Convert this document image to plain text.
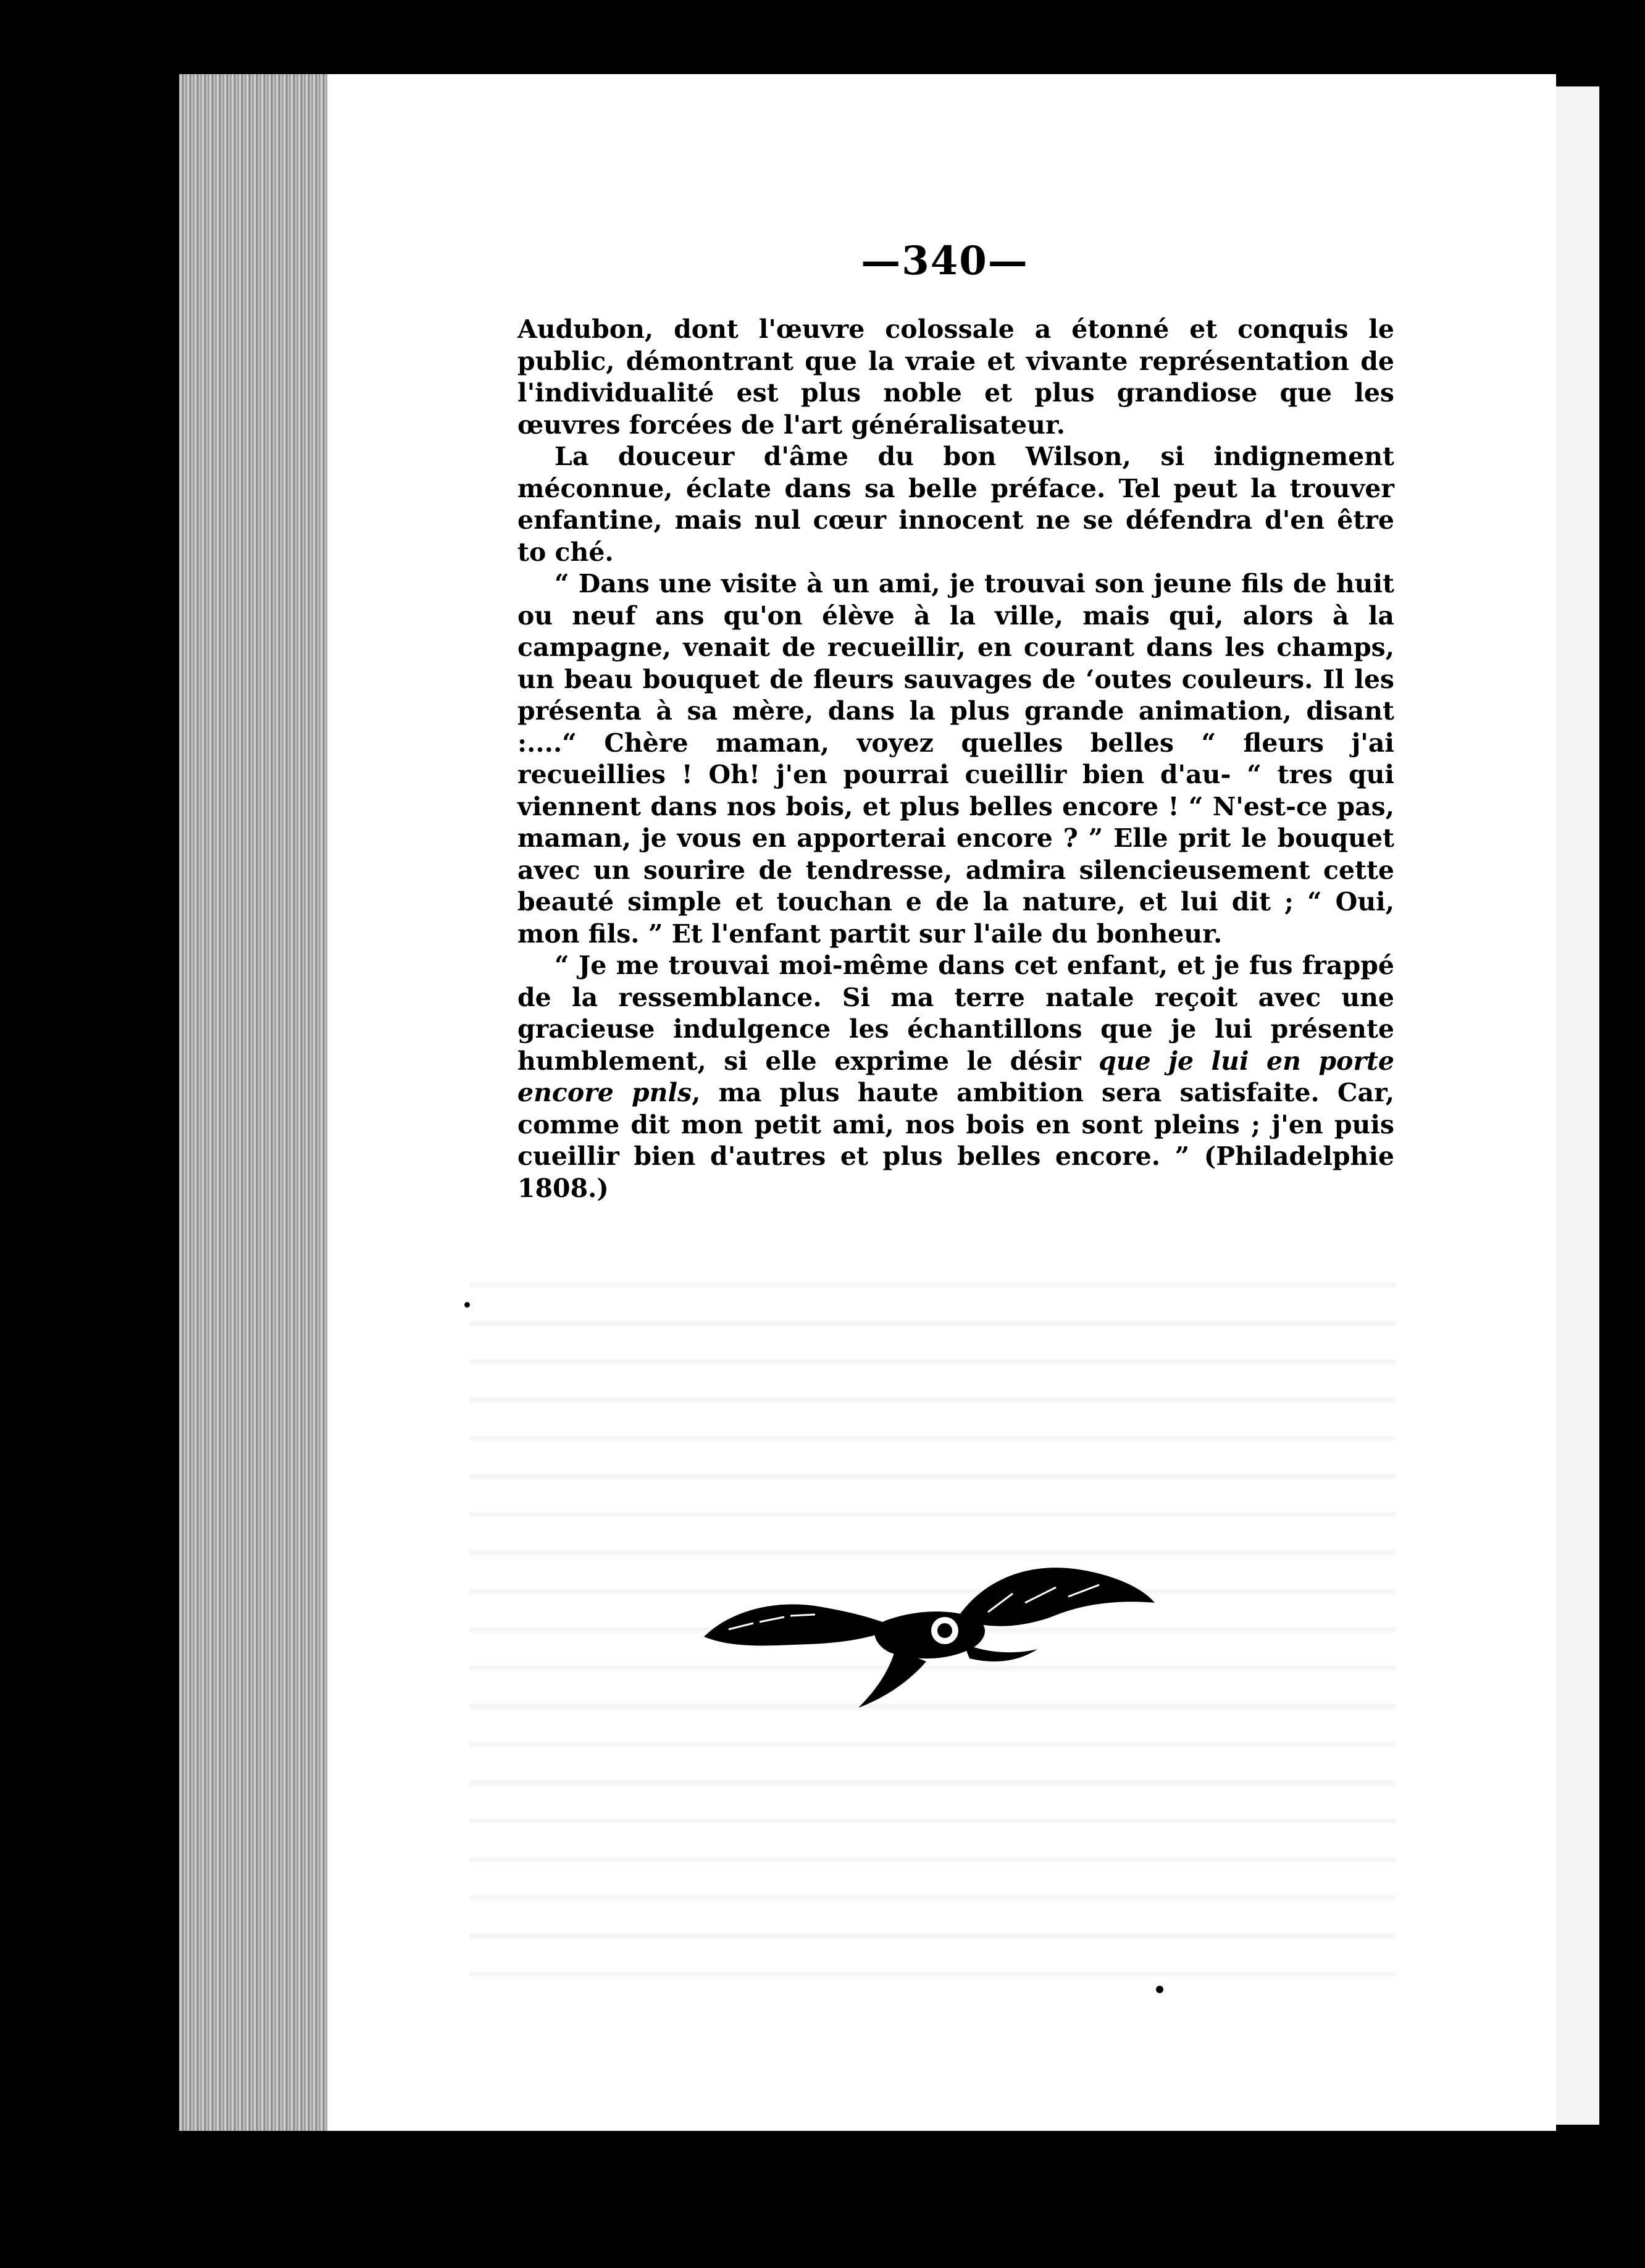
—340—

Audubon, dont l'œuvre colossale a étonné et conquis le public, démontrant que la vraie et vivante représentation de l'individualité est plus noble et plus grandiose que les œuvres forcées de l'art généralisateur.

La douceur d'âme du bon Wilson, si indignement méconnue, éclate dans sa belle préface. Tel peut la trouver enfantine, mais nul cœur innocent ne se défendra d'en être to ché.

“ Dans une visite à un ami, je trouvai son jeune fils de huit ou neuf ans qu'on élève à la ville, mais qui, alors à la campagne, venait de recueillir, en courant dans les champs, un beau bouquet de fleurs sauvages de ‘outes couleurs. Il les présenta à sa mère, dans la plus grande animation, disant :....“ Chère maman, voyez quelles belles “ fleurs j'ai recueillies ! Oh! j'en pourrai cueillir bien d'au- “ tres qui viennent dans nos bois, et plus belles encore ! “ N'est-ce pas, maman, je vous en apporterai encore ? ” Elle prit le bouquet avec un sourire de tendresse, admira silencieusement cette beauté simple et touchan e de la nature, et lui dit ; “ Oui, mon fils. ” Et l'enfant partit sur l'aile du bonheur.

“ Je me trouvai moi-même dans cet enfant, et je fus frappé de la ressemblance. Si ma terre natale reçoit avec une gracieuse indulgence les échantillons que je lui présente humblement, si elle exprime le désir que je lui en porte encore pnls, ma plus haute ambition sera satisfaite. Car, comme dit mon petit ami, nos bois en sont pleins ; j'en puis cueillir bien d'autres et plus belles encore. ” (Philadelphie 1808.)
